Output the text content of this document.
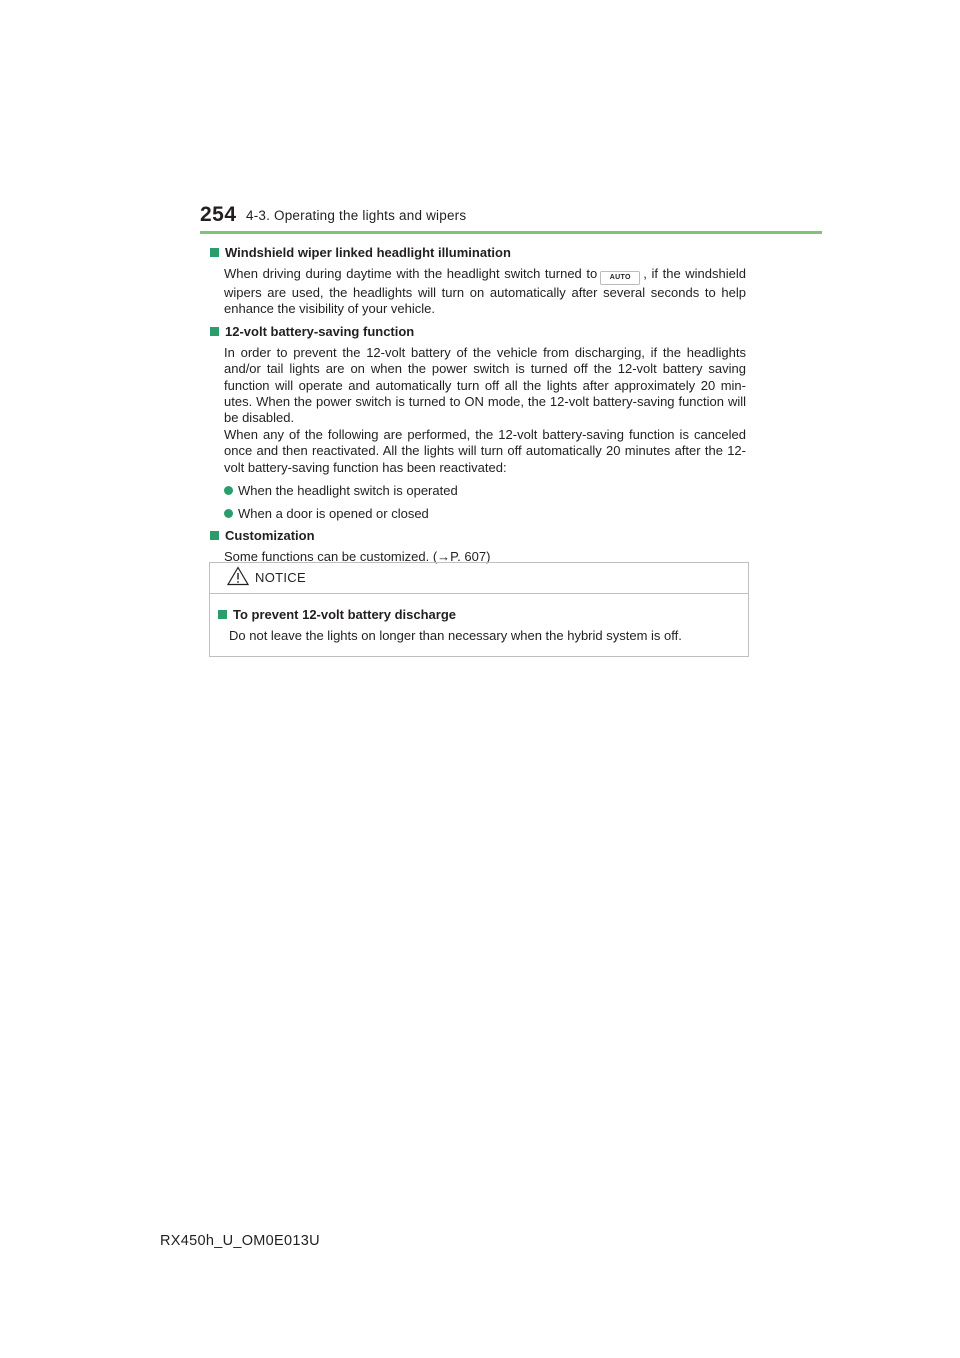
254 4-3. Operating the lights and wipers
Windshield wiper linked headlight illumination
When driving during daytime with the headlight switch turned to AUTO , if the windshield wipers are used, the headlights will turn on automatically after several seconds to help enhance the visibility of your vehicle.
12-volt battery-saving function

In order to prevent the 12-volt battery of the vehicle from discharging, if the headlights and/or tail lights are on when the power switch is turned off the 12-volt battery saving function will operate and automatically turn off all the lights after approximately 20 min-utes. When the power switch is turned to ON mode, the 12-volt battery-saving function will be disabled.

When any of the following are performed, the 12-volt battery-saving function is canceled once and then reactivated. All the lights will turn off automatically 20 minutes after the 12-volt battery-saving function has been reactivated:

When the headlight switch is operated
When a door is opened or closed
Customization
Some functions can be customized. (→P. 607)
NOTICE
To prevent 12-volt battery discharge
Do not leave the lights on longer than necessary when the hybrid system is off.
RX450h_U_OM0E013U
